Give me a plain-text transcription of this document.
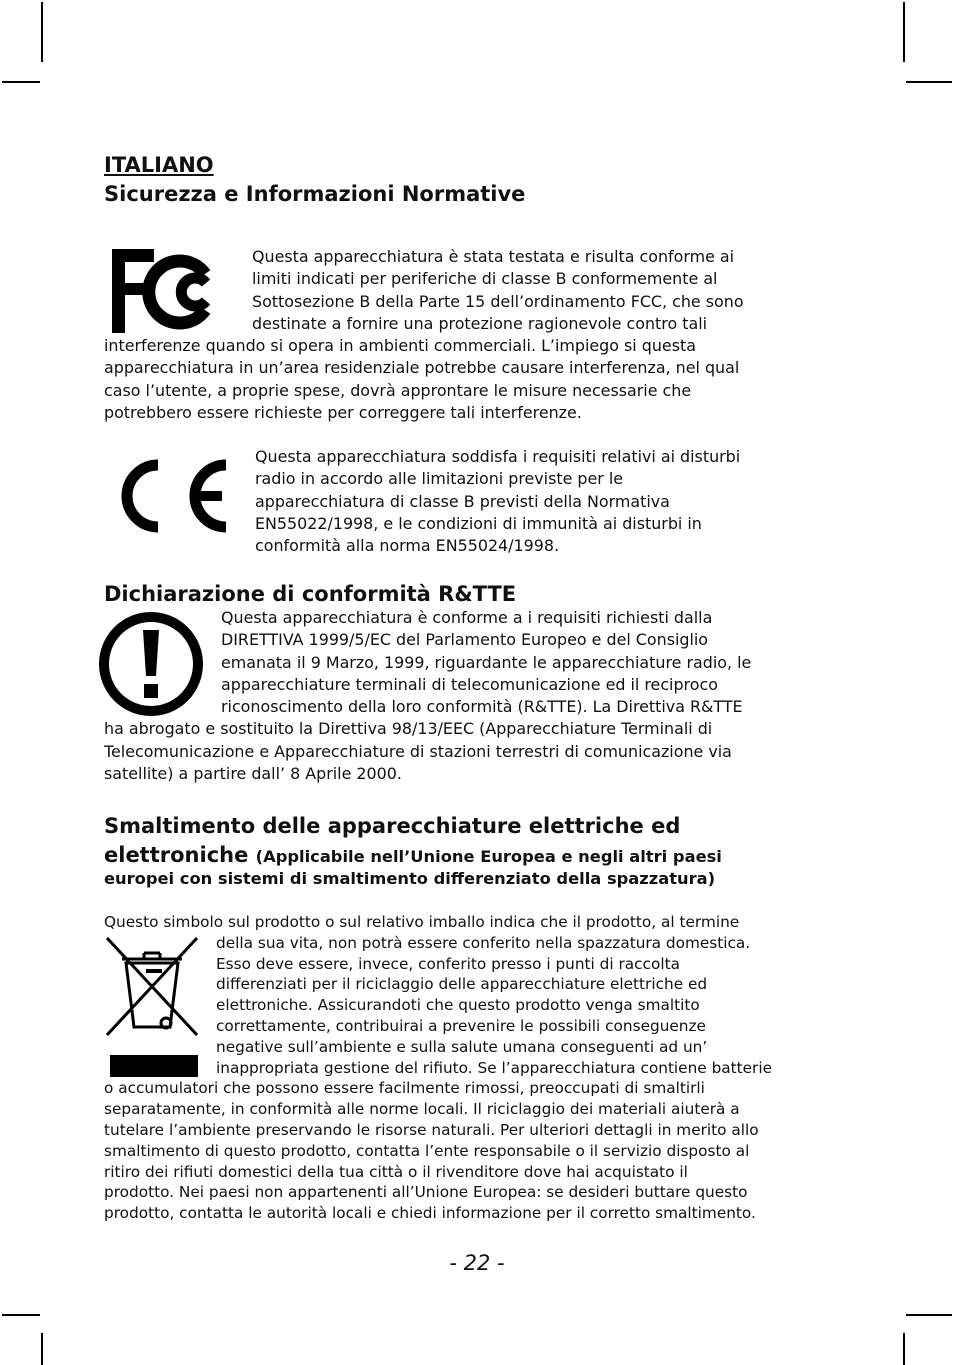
ITALIANO
Sicurezza e Informazioni Normative
Questa apparecchiatura è stata testata e risulta conforme ai
limiti indicati per periferiche di classe B conformemente al
Sottosezione B della Parte 15 dell’ordinamento FCC, che sono
destinate a fornire una protezione ragionevole contro tali
interferenze quando si opera in ambienti commerciali. L’impiego si questa
apparecchiatura in un’area residenziale potrebbe causare interferenza, nel qual
caso l’utente, a proprie spese, dovrà approntare le misure necessarie che
potrebbero essere richieste per correggere tali interferenze.
Questa apparecchiatura soddisfa i requisiti relativi ai disturbi
radio in accordo alle limitazioni previste per le
apparecchiatura di classe B previsti della Normativa
EN55022/1998, e le condizioni di immunità ai disturbi in
conformità alla norma EN55024/1998.
Dichiarazione di conformità R&TTE
Questa apparecchiatura è conforme a i requisiti richiesti dalla
DIRETTIVA 1999/5/EC del Parlamento Europeo e del Consiglio
emanata il 9 Marzo, 1999, riguardante le apparecchiature radio, le
apparecchiature terminali di telecomunicazione ed il reciproco
riconoscimento della loro conformità (R&TTE). La Direttiva R&TTE
ha abrogato e sostituito la Direttiva 98/13/EEC (Apparecchiature Terminali di
Telecomunicazione e Apparecchiature di stazioni terrestri di comunicazione via
satellite) a partire dall’ 8 Aprile 2000.
Smaltimento delle apparecchiature elettriche ed
elettroniche (Applicabile nell’Unione Europea e negli altri paesi
europei con sistemi di smaltimento differenziato della spazzatura)
Questo simbolo sul prodotto o sul relativo imballo indica che il prodotto, al termine
della sua vita, non potrà essere conferito nella spazzatura domestica.
Esso deve essere, invece, conferito presso i punti di raccolta
differenziati per il riciclaggio delle apparecchiature elettriche ed
elettroniche. Assicurandoti che questo prodotto venga smaltito
correttamente, contribuirai a prevenire le possibili conseguenze
negative sull’ambiente e sulla salute umana conseguenti ad un’
inappropriata gestione del rifiuto. Se l’apparecchiatura contiene batterie
o accumulatori che possono essere facilmente rimossi, preoccupati di smaltirli
separatamente, in conformità alle norme locali. Il riciclaggio dei materiali aiuterà a
tutelare l’ambiente preservando le risorse naturali. Per ulteriori dettagli in merito allo
smaltimento di questo prodotto, contatta l’ente responsabile o il servizio disposto al
ritiro dei rifiuti domestici della tua città o il rivenditore dove hai acquistato il
prodotto. Nei paesi non appartenenti all’Unione Europea: se desideri buttare questo
prodotto, contatta le autorità locali e chiedi informazione per il corretto smaltimento.
- 22 -
